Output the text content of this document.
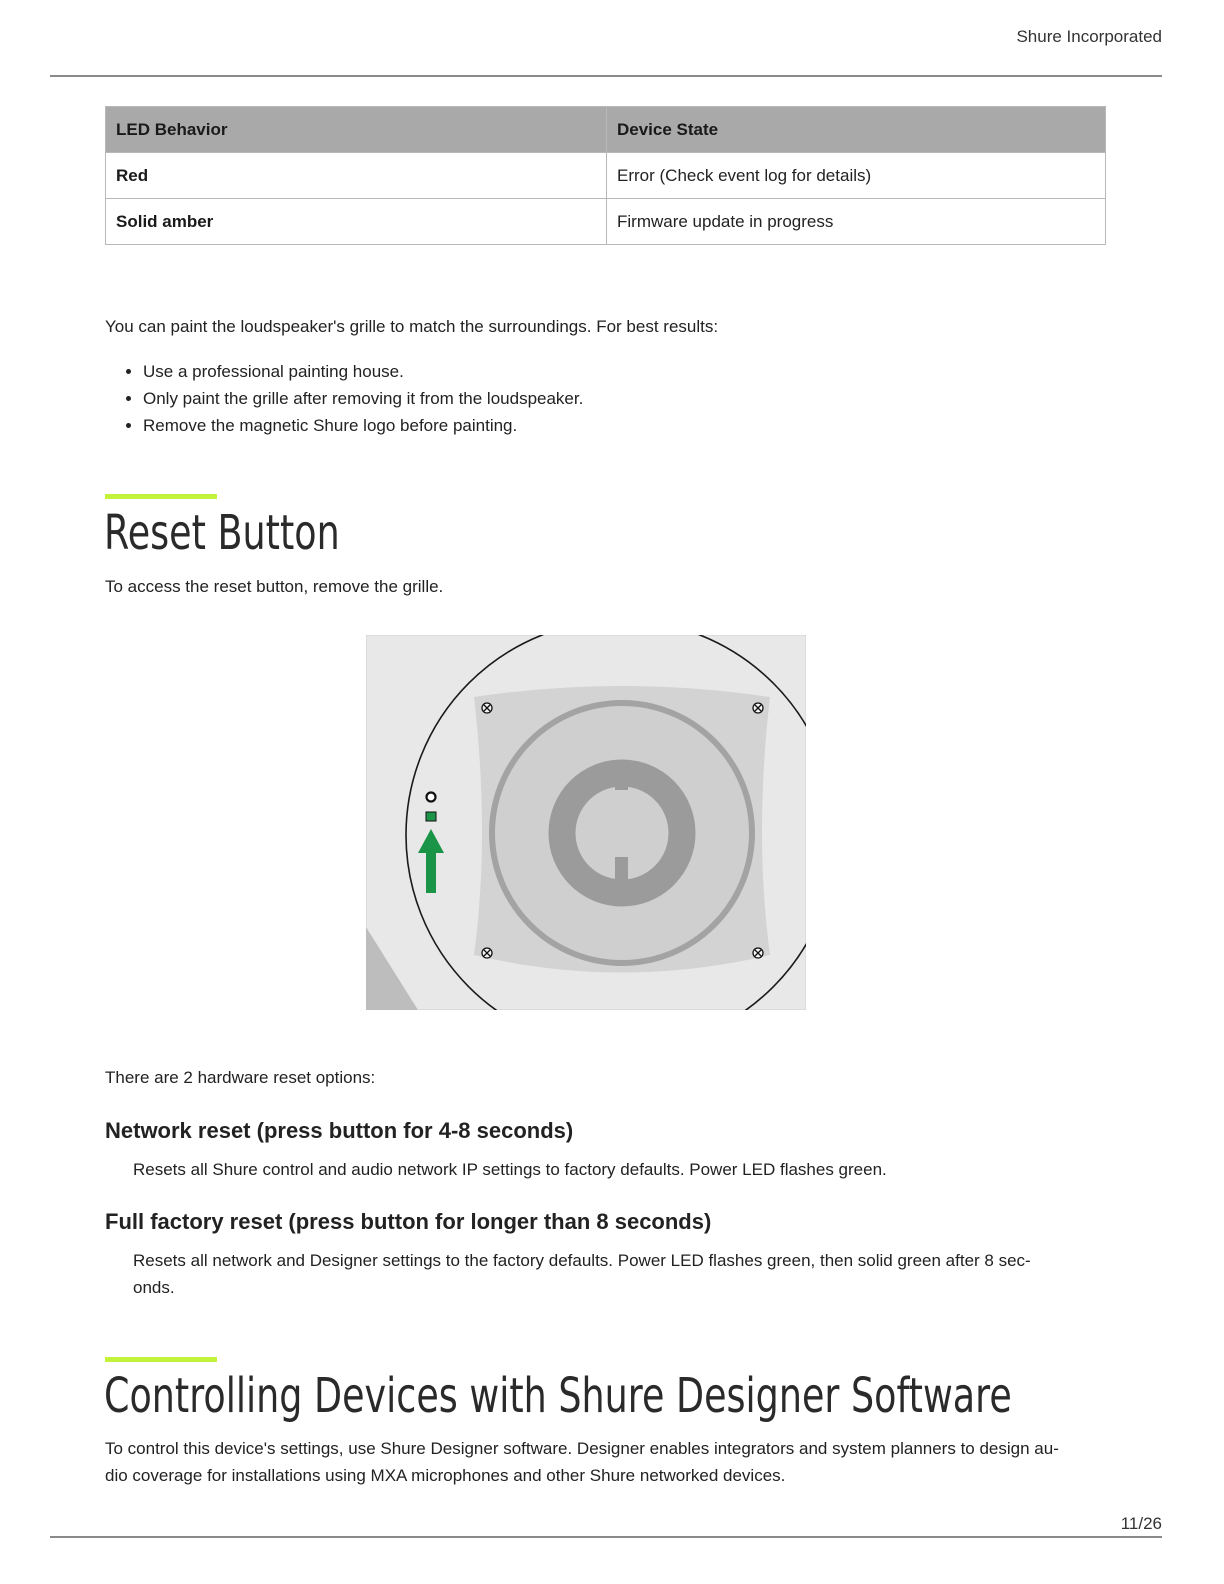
Shure Incorporated
LED Behavior	Device State
Red	Error (Check event log for details)
Solid amber	Firmware update in progress

You can paint the loudspeaker's grille to match the surroundings. For best results:

• Use a professional painting house.
• Only paint the grille after removing it from the loudspeaker.
• Remove the magnetic Shure logo before painting.
Reset Button

To access the reset button, remove the grille.

There are 2 hardware reset options:

Network reset (press button for 4-8 seconds)

Resets all Shure control and audio network IP settings to factory defaults. Power LED flashes green.

Full factory reset (press button for longer than 8 seconds)
Resets all network and Designer settings to the factory defaults. Power LED flashes green, then solid green after 8 sec-
onds.
Controlling Devices with Shure Designer Software
To control this device's settings, use Shure Designer software. Designer enables integrators and system planners to design au-
dio coverage for installations using MXA microphones and other Shure networked devices.
11/26
